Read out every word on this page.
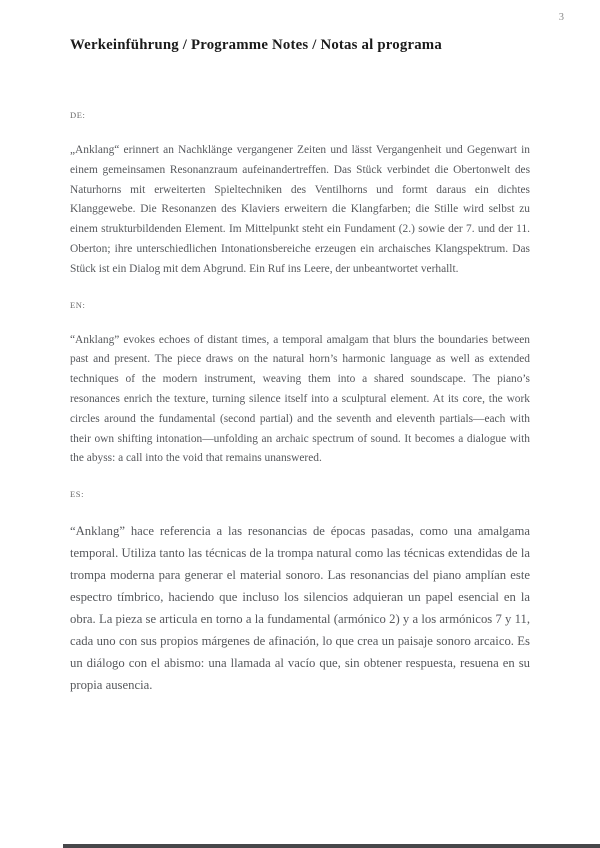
3
Werkeinführung / Programme Notes / Notas al programa
DE:

„Anklang“ erinnert an Nachklänge vergangener Zeiten und lässt Vergangenheit und Gegenwart in einem gemeinsamen Resonanzraum aufeinandertreffen. Das Stück verbindet die Obertonwelt des Naturhorns mit erweiterten Spieltechniken des Ventilhorns und formt daraus ein dichtes Klanggewebe. Die Resonanzen des Klaviers erweitern die Klangfarben; die Stille wird selbst zu einem strukturbildenden Element. Im Mittelpunkt steht ein Fundament (2.) sowie der 7. und der 11. Oberton; ihre unterschiedlichen Intonationsbereiche erzeugen ein archaisches Klangspektrum. Das Stück ist ein Dialog mit dem Abgrund. Ein Ruf ins Leere, der unbeantwortet verhallt.

EN:

“Anklang” evokes echoes of distant times, a temporal amalgam that blurs the boundaries between past and present. The piece draws on the natural horn’s harmonic language as well as extended techniques of the modern instrument, weaving them into a shared soundscape. The piano’s resonances enrich the texture, turning silence itself into a sculptural element. At its core, the work circles around the fundamental (second partial) and the seventh and eleventh partials—each with their own shifting intonation—unfolding an archaic spectrum of sound. It becomes a dialogue with the abyss: a call into the void that remains unanswered.

ES:

“Anklang” hace referencia a las resonancias de épocas pasadas, como una amalgama temporal. Utiliza tanto las técnicas de la trompa natural como las técnicas extendidas de la trompa moderna para generar el material sonoro. Las resonancias del piano amplían este espectro tímbrico, haciendo que incluso los silencios adquieran un papel esencial en la obra. La pieza se articula en torno a la fundamental (armónico 2) y a los armónicos 7 y 11, cada uno con sus propios márgenes de afinación, lo que crea un paisaje sonoro arcaico. Es un diálogo con el abismo: una llamada al vacío que, sin obtener respuesta, resuena en su propia ausencia.
